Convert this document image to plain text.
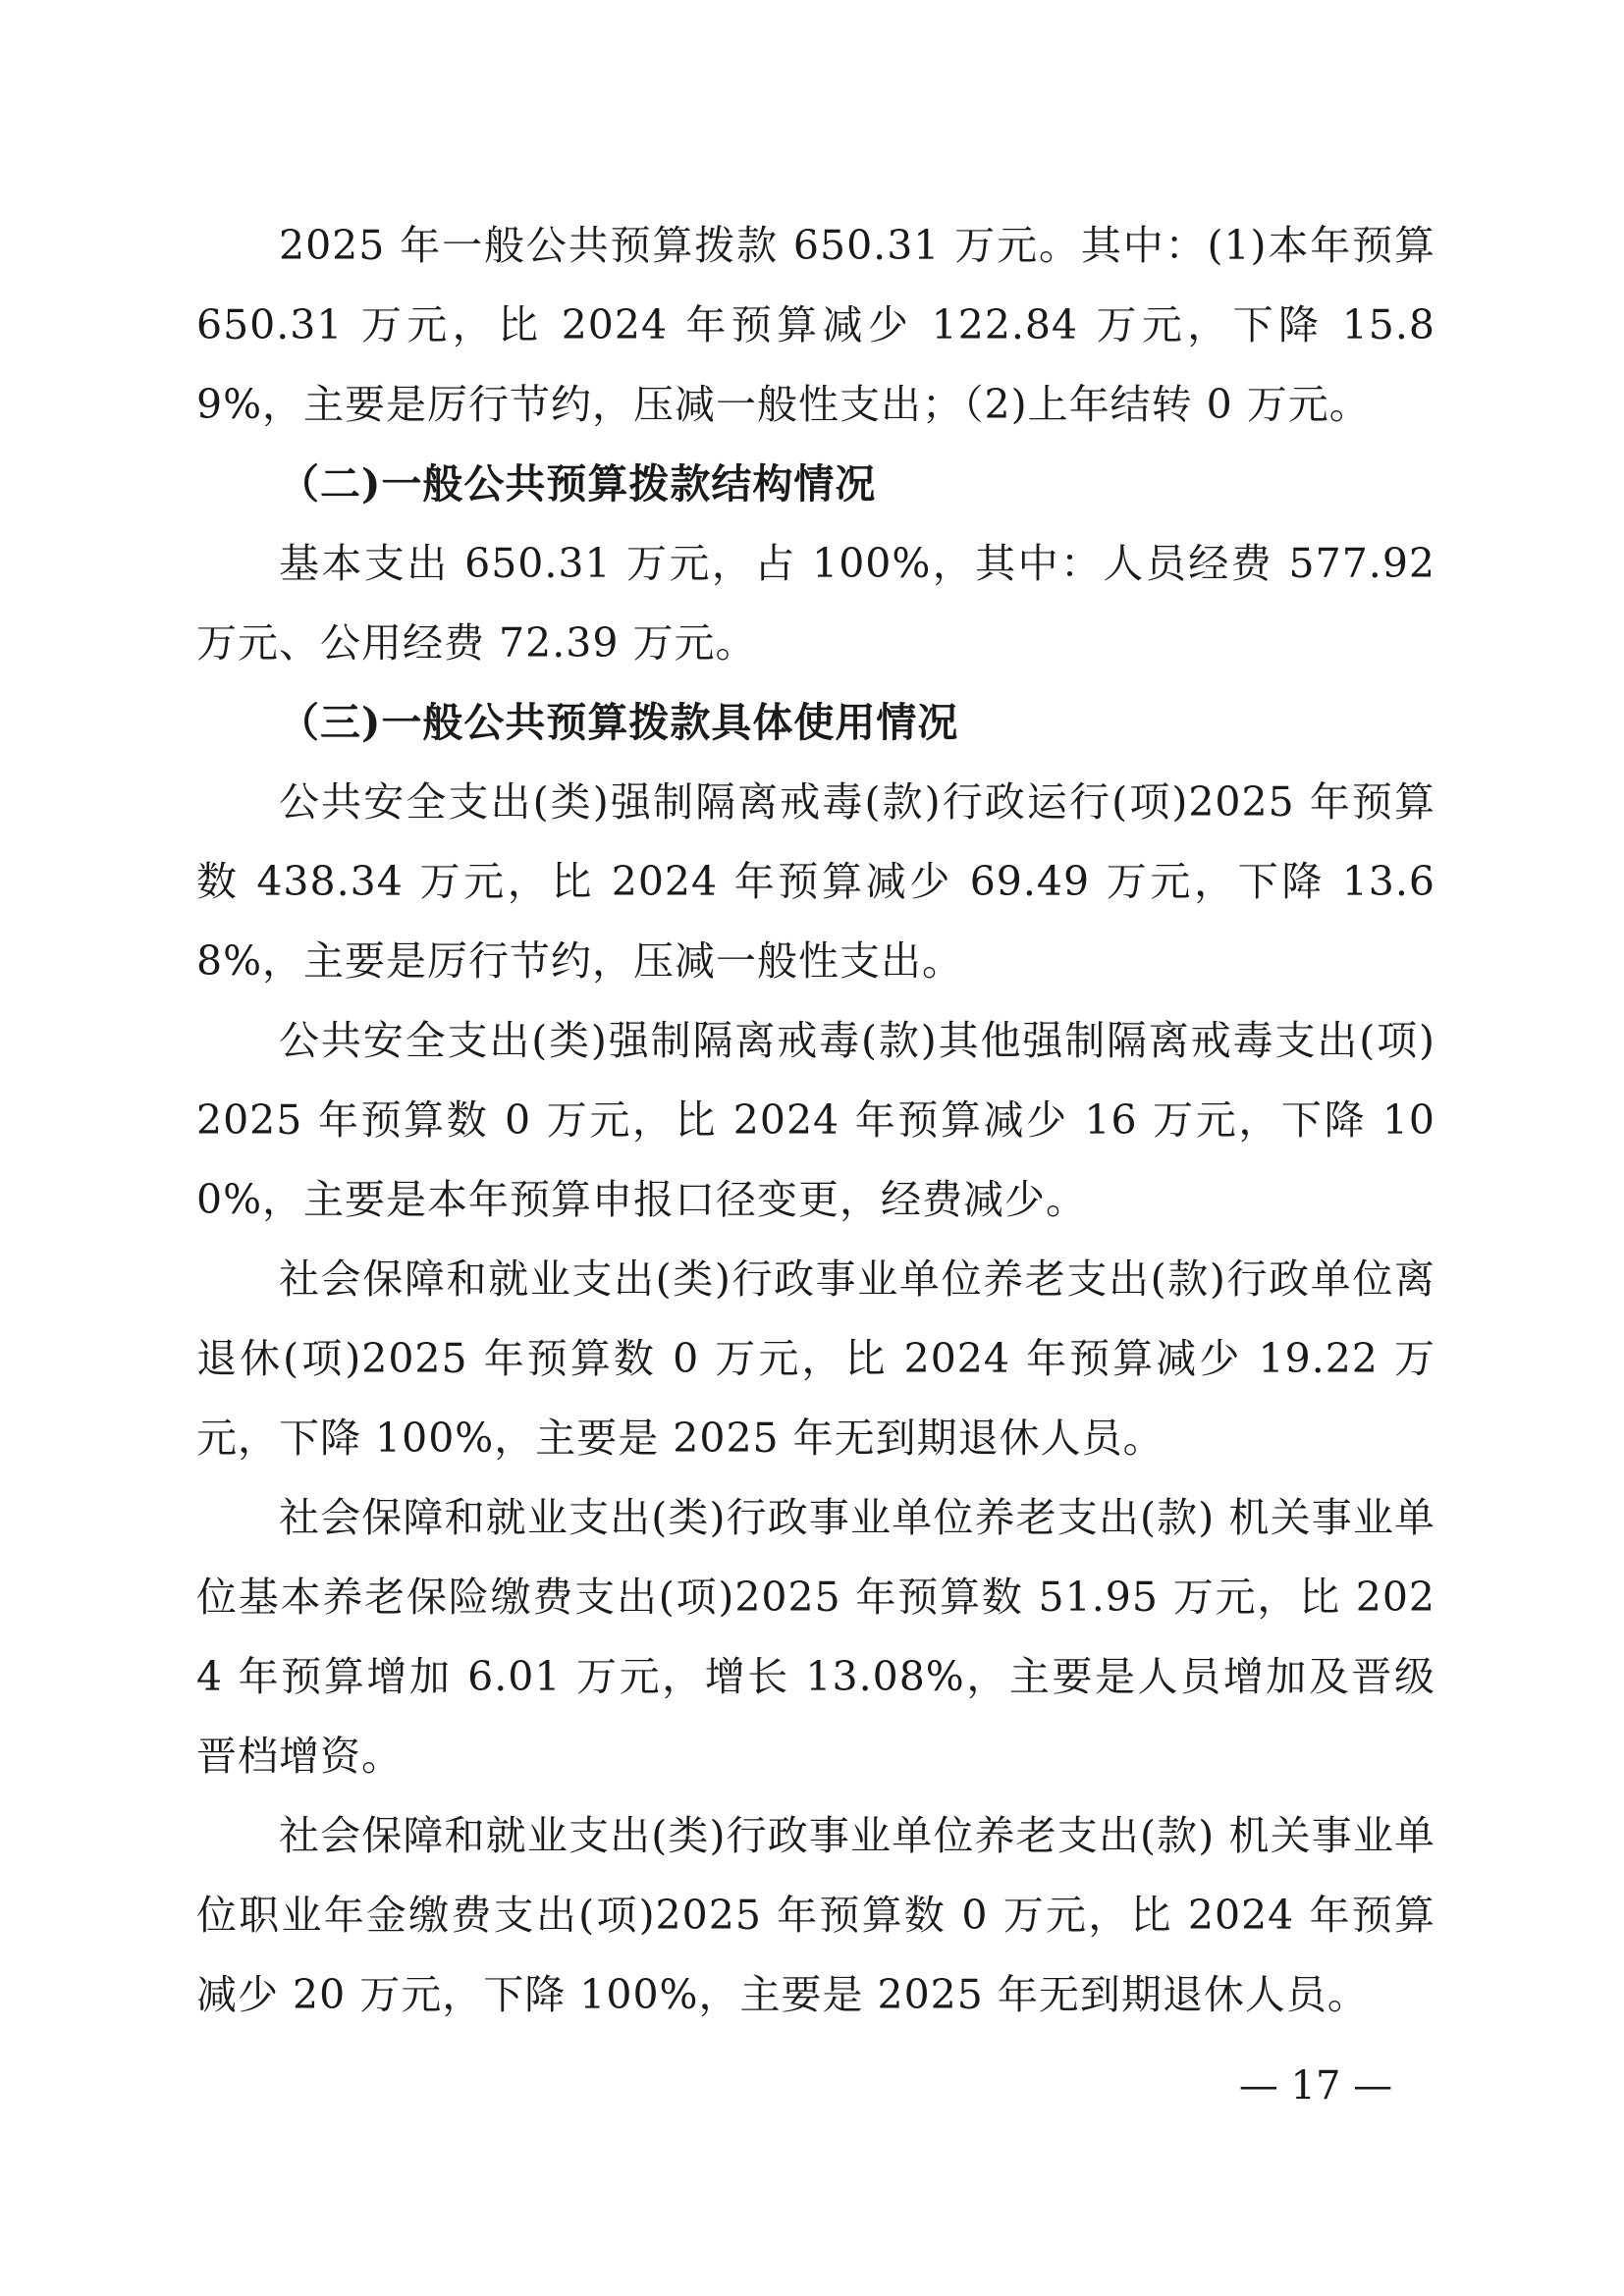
2025 年一般公共预算拨款 650.31 万元。其中：(1)本年预算 650.31 万元，比 2024 年预算减少 122.84 万元，下降 15.89%，主要是厉行节约，压减一般性支出；（2)上年结转 0 万元。

（二)一般公共预算拨款结构情况

基本支出 650.31 万元，占 100%，其中：人员经费 577.92 万元、公用经费 72.39 万元。

（三)一般公共预算拨款具体使用情况

公共安全支出(类)强制隔离戒毒(款)行政运行(项)2025 年预算数 438.34 万元，比 2024 年预算减少 69.49 万元，下降 13.68%，主要是厉行节约，压减一般性支出。

公共安全支出(类)强制隔离戒毒(款)其他强制隔离戒毒支出(项)2025 年预算数 0 万元，比 2024 年预算减少 16 万元，下降 100%，主要是本年预算申报口径变更，经费减少。

社会保障和就业支出(类)行政事业单位养老支出(款)行政单位离退休(项)2025 年预算数 0 万元，比 2024 年预算减少 19.22 万元，下降 100%，主要是 2025 年无到期退休人员。

社会保障和就业支出(类)行政事业单位养老支出(款) 机关事业单位基本养老保险缴费支出(项)2025 年预算数 51.95 万元，比 2024 年预算增加 6.01 万元，增长 13.08%，主要是人员增加及晋级晋档增资。

社会保障和就业支出(类)行政事业单位养老支出(款) 机关事业单位职业年金缴费支出(项)2025 年预算数 0 万元，比 2024 年预算减少 20 万元，下降 100%，主要是 2025 年无到期退休人员。

— 17 —
